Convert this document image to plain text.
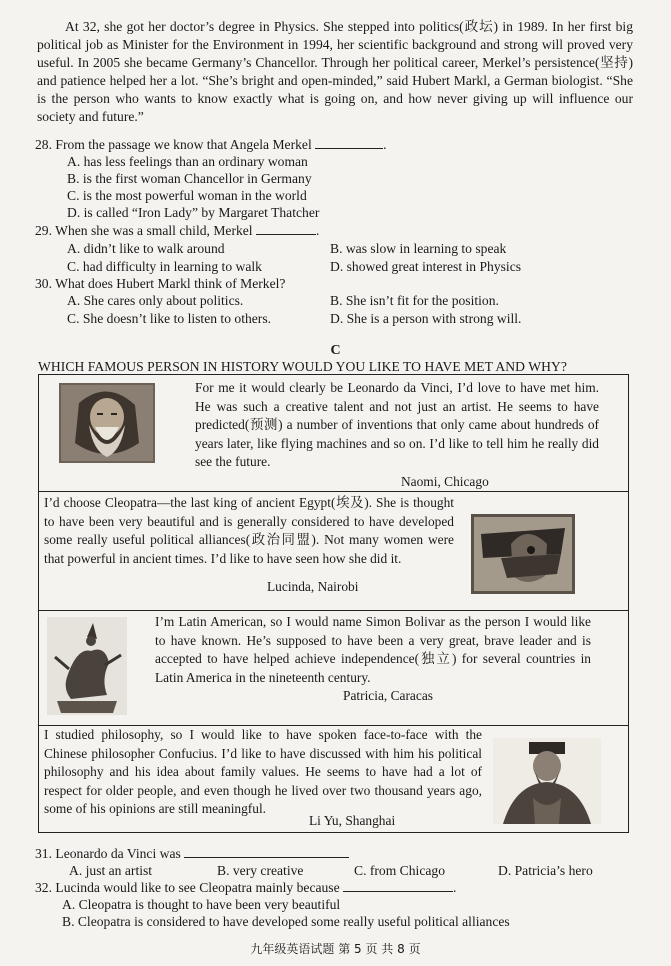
At 32, she got her doctor’s degree in Physics. She stepped into politics(政坛) in 1989. In her first big political job as Minister for the Environment in 1994, her scientific background and strong will proved very useful. In 2005 she became Germany’s Chancellor. Through her political career, Merkel’s persistence(坚持) and patience helped her a lot. “She’s bright and open-minded,” said Hubert Markl, a German biologist. “She is the person who wants to know exactly what is going on, and how never giving up will influence our society and future.”
28. From the passage we know that Angela Merkel	.
A. has less feelings than an ordinary woman
B. is the first woman Chancellor in Germany
C. is the most powerful woman in the world
D. is called “Iron Lady” by Margaret Thatcher
29. When she was a small child, Merkel	.
A. didn’t like to walk around	B. was slow in learning to speak
C. had difficulty in learning to walk	D. showed great interest in Physics
30. What does Hubert Markl think of Merkel?
A. She cares only about politics.	B. She isn’t fit for the position.
C. She doesn’t like to listen to others.	D. She is a person with strong will.
C
WHICH FAMOUS PERSON IN HISTORY WOULD YOU LIKE TO HAVE MET AND WHY?
For me it would clearly be Leonardo da Vinci, I’d love to have met him. He was such a creative talent and not just an artist. He seems to have predicted(预测) a number of inventions that only came about hundreds of years later, like flying machines and so on. I’d like to tell him he really did see the future.
Naomi, Chicago
I’d choose Cleopatra—the last king of ancient Egypt(埃及). She is thought to have been very beautiful and is generally considered to have developed some really useful political alliances(政治同盟). Not many women were that powerful in ancient times. I’d like to have seen how she did it.
Lucinda, Nairobi
I’m Latin American, so I would name Simon Bolivar as the person I would like to have known. He’s supposed to have been a very great, brave leader and is accepted to have helped achieve independence(独立) for several countries in Latin America in the nineteenth century.
Patricia, Caracas
I studied philosophy, so I would like to have spoken face-to-face with the Chinese philosopher Confucius. I’d like to have discussed with him his political philosophy and his idea about family values. He seems to have had a lot of respect for older people, and even though he lived over two thousand years ago, some of his opinions are still meaningful.
Li Yu, Shanghai
31. Leonardo da Vinci was
A. just an artist	B. very creative	C. from Chicago	D. Patricia’s hero
32. Lucinda would like to see Cleopatra mainly because	.
A. Cleopatra is thought to have been very beautiful
B. Cleopatra is considered to have developed some really useful political alliances
九年级英语试题 第 5 页 共 8 页
